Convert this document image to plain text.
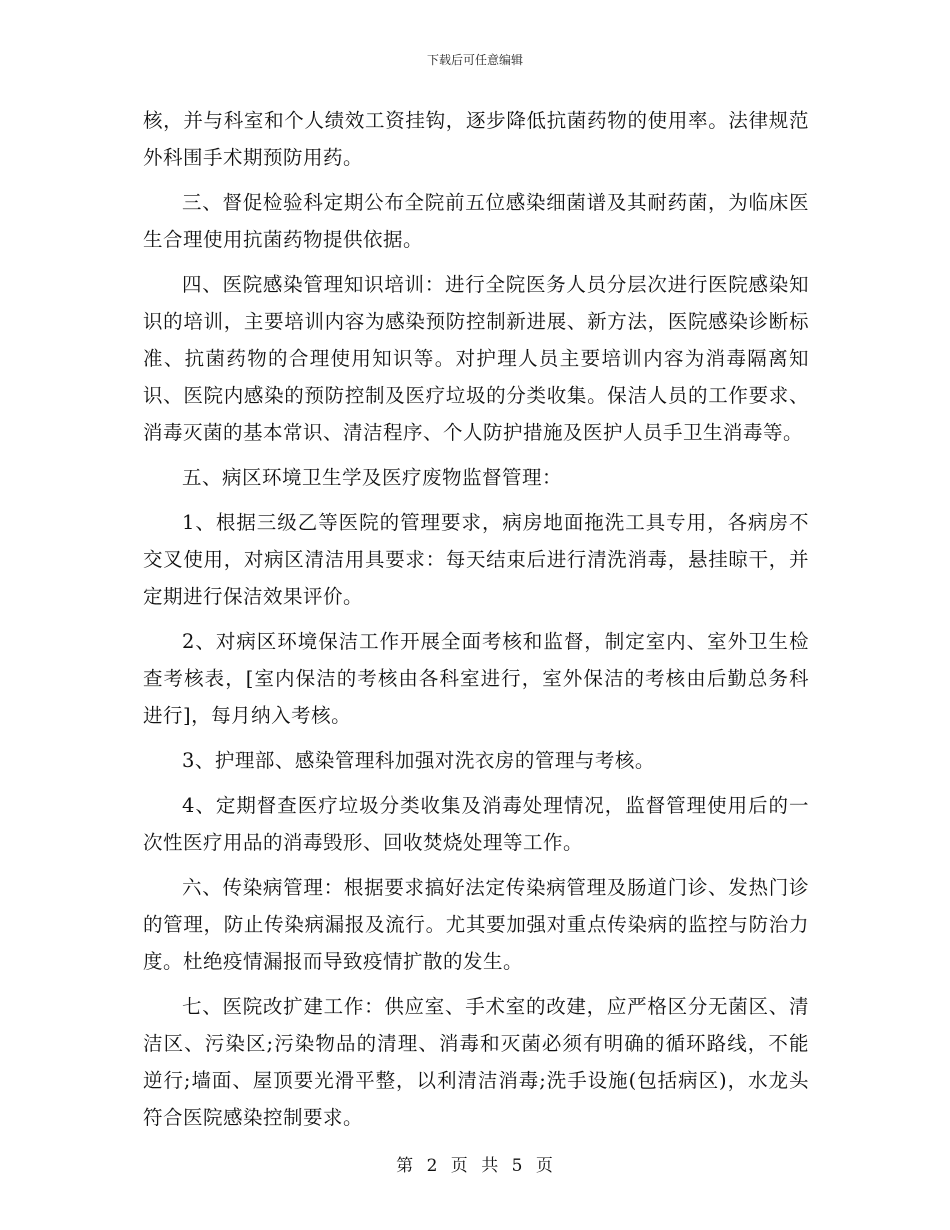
下载后可任意编辑

核，并与科室和个人绩效工资挂钩，逐步降低抗菌药物的使用率。法律规范外科围手术期预防用药。

三、督促检验科定期公布全院前五位感染细菌谱及其耐药菌，为临床医生合理使用抗菌药物提供依据。

四、医院感染管理知识培训：进行全院医务人员分层次进行医院感染知识的培训，主要培训内容为感染预防控制新进展、新方法，医院感染诊断标准、抗菌药物的合理使用知识等。对护理人员主要培训内容为消毒隔离知识、医院内感染的预防控制及医疗垃圾的分类收集。保洁人员的工作要求、消毒灭菌的基本常识、清洁程序、个人防护措施及医护人员手卫生消毒等。

五、病区环境卫生学及医疗废物监督管理：

1、根据三级乙等医院的管理要求，病房地面拖洗工具专用，各病房不交叉使用，对病区清洁用具要求：每天结束后进行清洗消毒，悬挂晾干，并定期进行保洁效果评价。

2、对病区环境保洁工作开展全面考核和监督，制定室内、室外卫生检查考核表，[室内保洁的考核由各科室进行，室外保洁的考核由后勤总务科进行]，每月纳入考核。

3、护理部、感染管理科加强对洗衣房的管理与考核。

4、定期督查医疗垃圾分类收集及消毒处理情况，监督管理使用后的一次性医疗用品的消毒毁形、回收焚烧处理等工作。

六、传染病管理：根据要求搞好法定传染病管理及肠道门诊、发热门诊的管理，防止传染病漏报及流行。尤其要加强对重点传染病的监控与防治力度。杜绝疫情漏报而导致疫情扩散的发生。

七、医院改扩建工作：供应室、手术室的改建，应严格区分无菌区、清洁区、污染区;污染物品的清理、消毒和灭菌必须有明确的循环路线，不能逆行;墙面、屋顶要光滑平整，以利清洁消毒;洗手设施(包括病区)，水龙头符合医院感染控制要求。

第 2 页 共 5 页
